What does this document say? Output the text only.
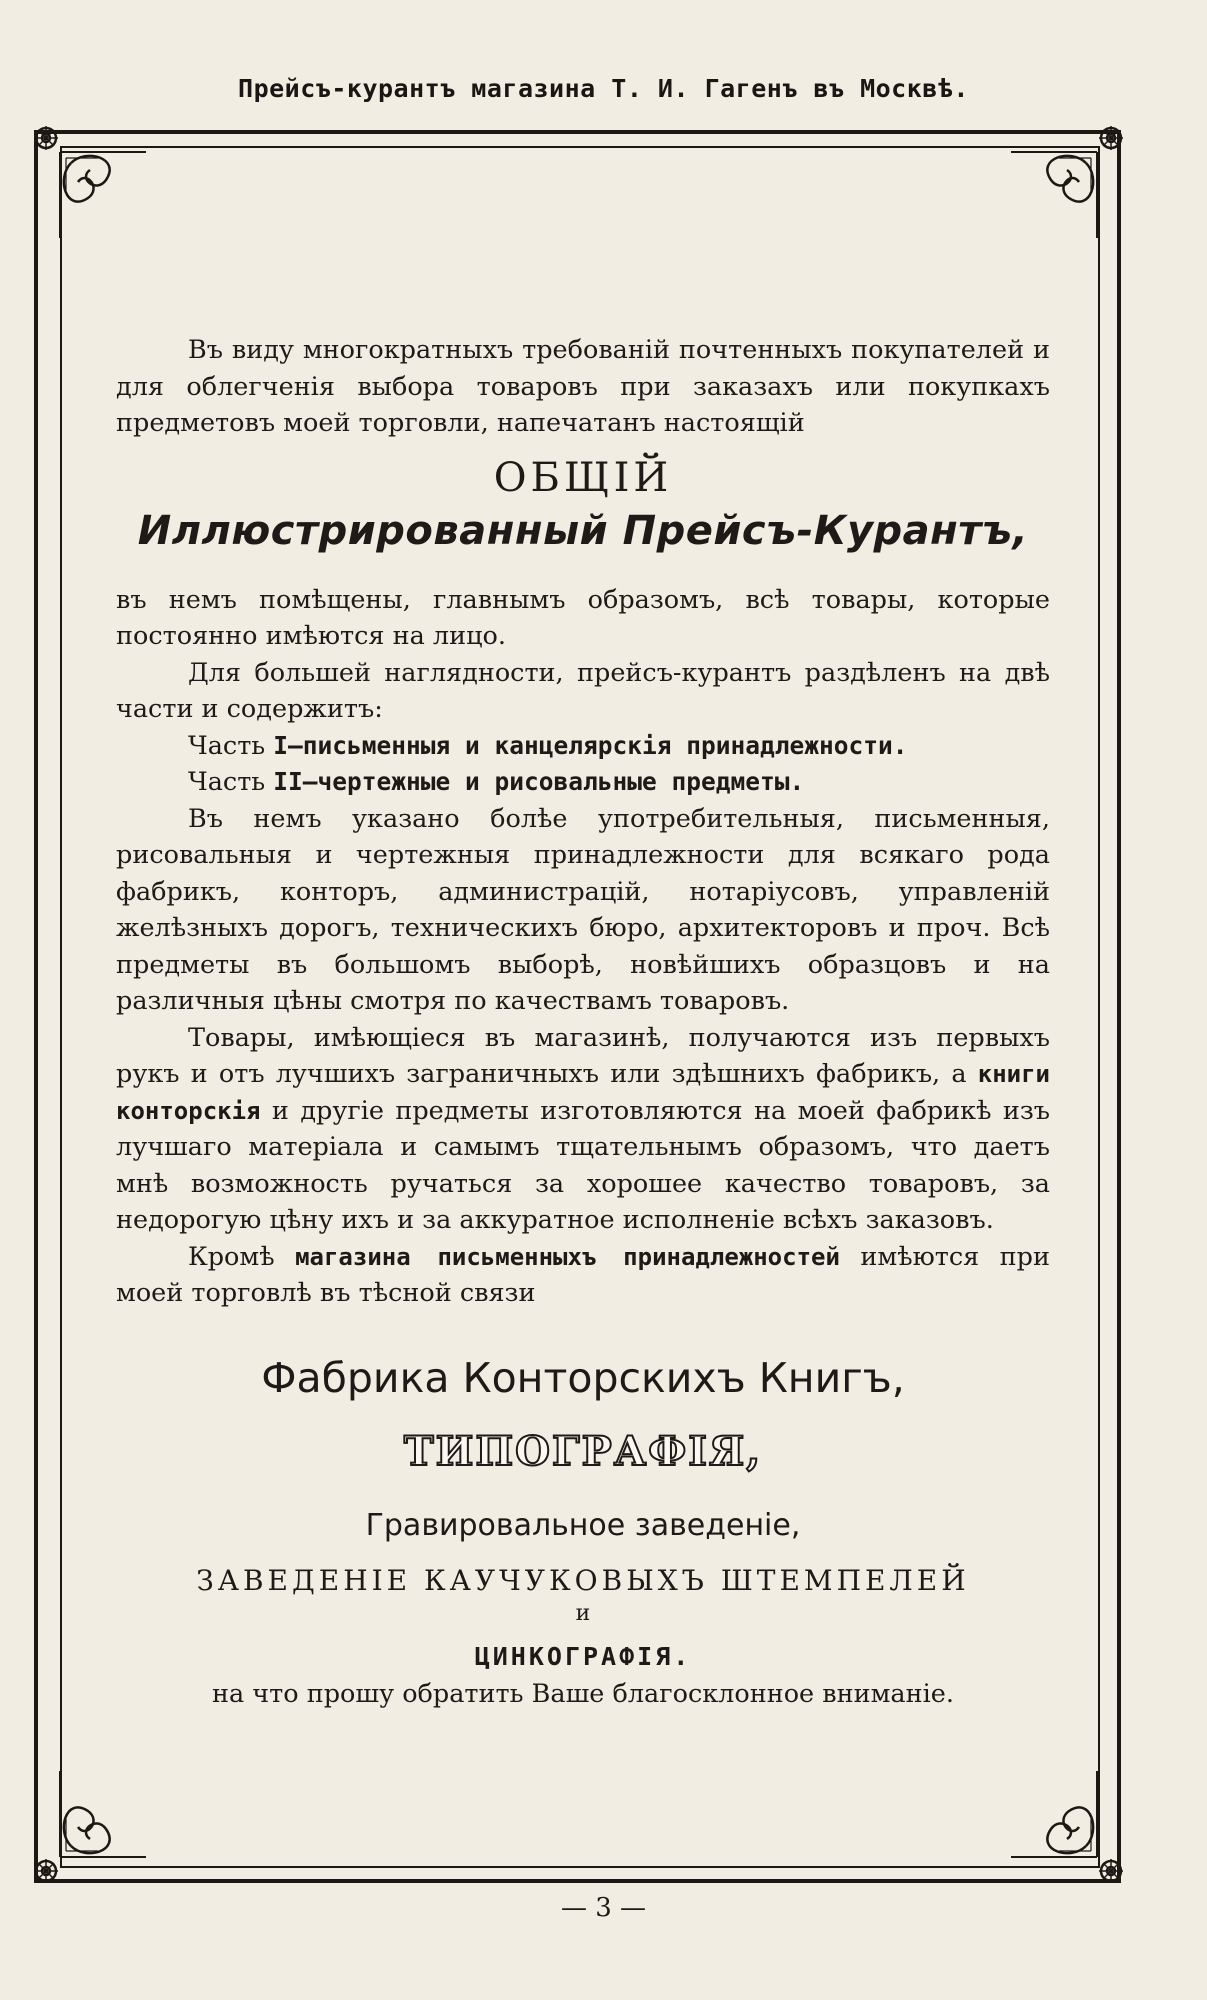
Прейсъ-курантъ магазина Т. И. Гагенъ въ Москвѣ.

Въ виду многократныхъ требованій почтенныхъ покупателей и для облегченія выбора товаровъ при заказахъ или покупкахъ предметовъ моей торговли, напечатанъ настоящій

ОБЩІЙ
Иллюстрированный Прейсъ-Курантъ,

въ немъ помѣщены, главнымъ образомъ, всѣ товары, которые постоянно имѣются на лицо.

Для большей наглядности, прейсъ-курантъ раздѣленъ на двѣ части и содержитъ:

Часть I—письменныя и канцелярскія принадлежности.

Часть II—чертежные и рисовальные предметы.

Въ немъ указано болѣе употребительныя, письменныя, рисовальныя и чертежныя принадлежности для всякаго рода фабрикъ, конторъ, администрацій, нотаріусовъ, управленій желѣзныхъ дорогъ, техническихъ бюро, архитекторовъ и проч. Всѣ предметы въ большомъ выборѣ, новѣйшихъ образцовъ и на различныя цѣны смотря по качествамъ товаровъ.

Товары, имѣющіеся въ магазинѣ, получаются изъ первыхъ рукъ и отъ лучшихъ заграничныхъ или здѣшнихъ фабрикъ, а книги конторскія и другіе предметы изготовляются на моей фабрикѣ изъ лучшаго матеріала и самымъ тщательнымъ образомъ, что даетъ мнѣ возможность ручаться за хорошее качество товаровъ, за недорогую цѣну ихъ и за аккуратное исполненіе всѣхъ заказовъ.

Кромѣ магазина письменныхъ принадлежностей имѣются при моей торговлѣ въ тѣсной связи

Фабрика Конторскихъ Книгъ,
ТИПОГРАФІЯ,
Гравировальное заведеніе,
ЗАВЕДЕНІЕ КАУЧУКОВЫХЪ ШТЕМПЕЛЕЙ
и
ЦИНКОГРАФІЯ.

на что прошу обратить Ваше благосклонное вниманіе.

— 3 —
